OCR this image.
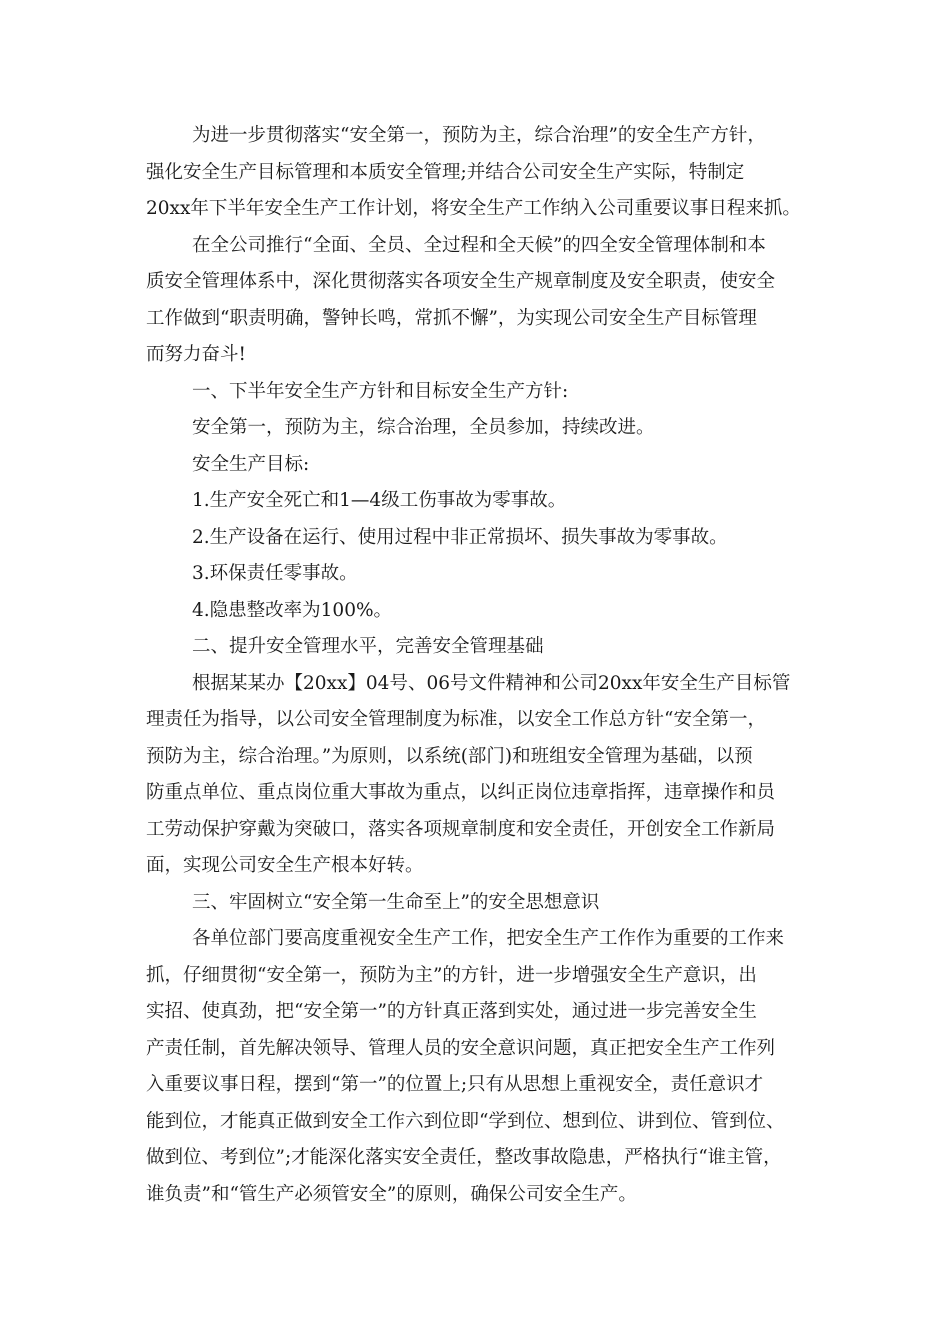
为进一步贯彻落实“安全第一，预防为主，综合治理”的安全生产方针，
强化安全生产目标管理和本质安全管理;并结合公司安全生产实际，特制定
20xx年下半年安全生产工作计划，将安全生产工作纳入公司重要议事日程来抓。
在全公司推行“全面、全员、全过程和全天候”的四全安全管理体制和本
质安全管理体系中，深化贯彻落实各项安全生产规章制度及安全职责，使安全
工作做到“职责明确，警钟长鸣，常抓不懈”，为实现公司安全生产目标管理
而努力奋斗!
一、下半年安全生产方针和目标安全生产方针:
安全第一，预防为主，综合治理，全员参加，持续改进。
安全生产目标:
1.生产安全死亡和1—4级工伤事故为零事故。
2.生产设备在运行、使用过程中非正常损坏、损失事故为零事故。
3.环保责任零事故。
4.隐患整改率为100%。
二、提升安全管理水平，完善安全管理基础
根据某某办【20xx】04号、06号文件精神和公司20xx年安全生产目标管
理责任为指导，以公司安全管理制度为标准，以安全工作总方针“安全第一，
预防为主，综合治理。”为原则，以系统(部门)和班组安全管理为基础，以预
防重点单位、重点岗位重大事故为重点，以纠正岗位违章指挥，违章操作和员
工劳动保护穿戴为突破口，落实各项规章制度和安全责任，开创安全工作新局
面，实现公司安全生产根本好转。
三、牢固树立“安全第一生命至上”的安全思想意识
各单位部门要高度重视安全生产工作，把安全生产工作作为重要的工作来
抓，仔细贯彻“安全第一，预防为主”的方针，进一步增强安全生产意识，出
实招、使真劲，把“安全第一”的方针真正落到实处，通过进一步完善安全生
产责任制，首先解决领导、管理人员的安全意识问题，真正把安全生产工作列
入重要议事日程，摆到“第一”的位置上;只有从思想上重视安全，责任意识才
能到位，才能真正做到安全工作六到位即“学到位、想到位、讲到位、管到位、
做到位、考到位”;才能深化落实安全责任，整改事故隐患，严格执行“谁主管，
谁负责”和“管生产必须管安全”的原则，确保公司安全生产。
